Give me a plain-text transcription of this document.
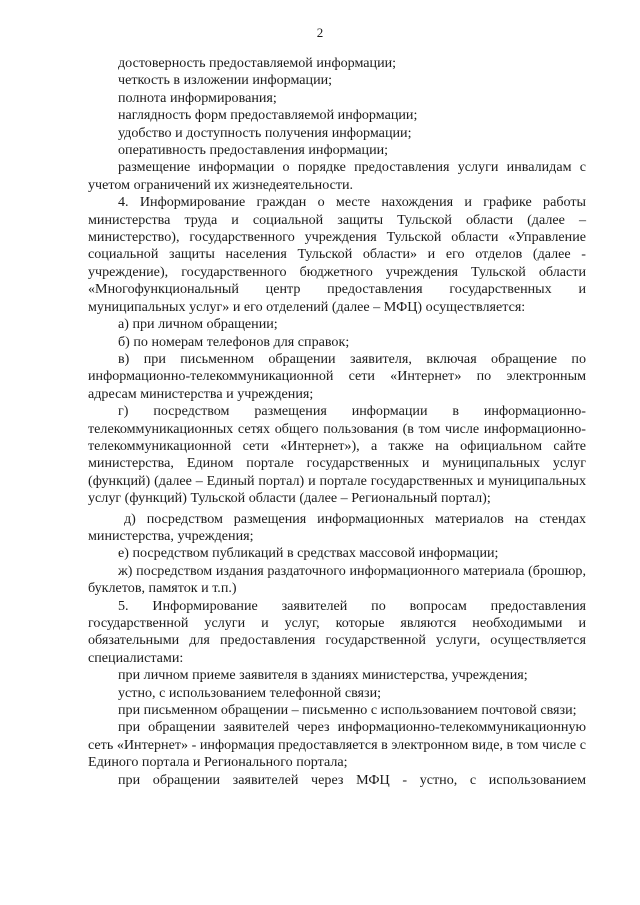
2

достоверность предоставляемой информации;

четкость в изложении информации;

полнота информирования;

наглядность форм предоставляемой информации;

удобство и доступность получения информации;

оперативность предоставления информации;

размещение информации о порядке предоставления услуги инвалидам с учетом ограничений их жизнедеятельности.

4. Информирование граждан о месте нахождения и графике работы министерства труда и социальной защиты Тульской области (далее – министерство), государственного учреждения Тульской области «Управление социальной защиты населения Тульской области» и его отделов (далее - учреждение), государственного бюджетного учреждения Тульской области «Многофункциональный центр предоставления государственных и муниципальных услуг» и его отделений (далее – МФЦ) осуществляется:

а) при личном обращении;

б) по номерам телефонов для справок;

в) при письменном обращении заявителя, включая обращение по информационно-телекоммуникационной сети «Интернет» по электронным адресам министерства и учреждения;

г) посредством размещения информации в информационно-телекоммуникационных сетях общего пользования (в том числе информационно-телекоммуникационной сети «Интернет»), а также на официальном сайте министерства, Едином портале государственных и муниципальных услуг (функций) (далее – Единый портал) и портале государственных и муниципальных услуг (функций) Тульской области (далее – Региональный портал);

д) посредством размещения информационных материалов на стендах министерства, учреждения;

е) посредством публикаций в средствах массовой информации;

ж) посредством издания раздаточного информационного материала (брошюр, буклетов, памяток и т.п.)

5. Информирование заявителей по вопросам предоставления государственной услуги и услуг, которые являются необходимыми и обязательными для предоставления государственной услуги, осуществляется специалистами:

при личном приеме заявителя в зданиях министерства, учреждения;

устно, с использованием телефонной связи;

при письменном обращении – письменно с использованием почтовой связи;

при обращении заявителей через информационно-телекоммуникационную сеть «Интернет» - информация предоставляется в электронном виде, в том числе с Единого портала и Регионального портала;

при обращении заявителей через МФЦ - устно, с использованием
